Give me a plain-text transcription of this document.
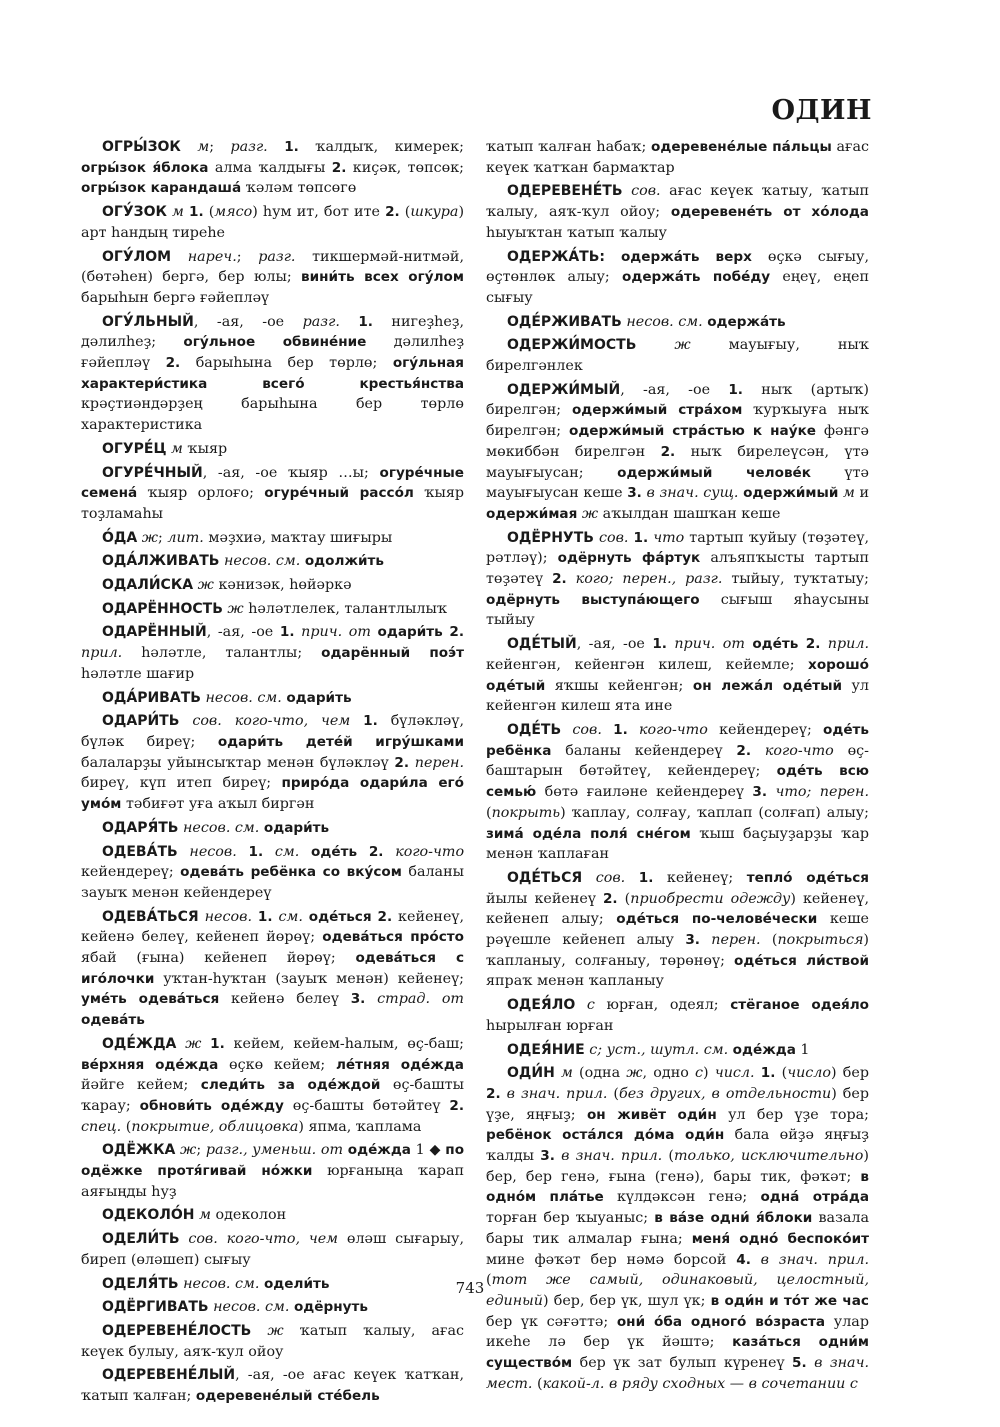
ОДИН

ОГРЫ́ЗОК м; разг. 1. ҡалдыҡ, кимерек; огры́зок я́блока алма ҡалдығы 2. киҫәк, төпсөк; огры́зок карандаша́ ҡәләм төпсөгө

ОГУ́ЗОК м 1. (мясо) һум ит, бот ите 2. (шкура) арт һандың тиреһе

ОГУ́ЛОМ нареч.; разг. тикшермәй-нитмәй, (бөтәһен) бергә, бер юлы; вини́ть всех огу́лом барыһын бергә ғәйепләү

ОГУ́ЛЬНЫЙ, -ая, -ое разг. 1. нигеҙһеҙ, дәлилһеҙ; огу́льное обвине́ние дәлилһеҙ ғәйепләү 2. барыһына бер төрлө; огу́льная характери́стика всего́ крестья́нства крәҫтиәндәрҙең барыһына бер төрлө характеристика

ОГУРЕ́Ц м ҡыяр

ОГУРЕ́ЧНЫЙ, -ая, -ое ҡыяр …ы; огуре́чные семена́ ҡыяр орлоғо; огуре́чный рассо́л ҡыяр тоҙламаһы

О́ДА ж; лит. мәҙхиә, маҡтау шиғыры

ОДА́ЛЖИВАТЬ несов. см. одолжи́ть

ОДАЛИ́СКА ж кәнизәк, һөйәркә

ОДАРЁННОСТЬ ж һәләтлелек, талантлылыҡ

ОДАРЁННЫЙ, -ая, -ое 1. прич. от одари́ть 2. прил. һәләтле, талантлы; одарённый поэ́т һәләтле шағир

ОДА́РИВАТЬ несов. см. одари́ть

ОДАРИ́ТЬ сов. кого-что, чем 1. бүләкләү, бүләк биреү; одари́ть дете́й игру́шками балаларҙы уйынсыҡтар менән бүләкләү 2. перен. биреү, күп итеп биреү; приро́да одари́ла его́ умо́м тәбиғәт уға аҡыл биргән

ОДАРЯ́ТЬ несов. см. одари́ть

ОДЕВА́ТЬ несов. 1. см. оде́ть 2. кого-что кейендереү; одева́ть ребёнка со вку́сом баланы зауыҡ менән кейендереү

ОДЕВА́ТЬСЯ несов. 1. см. оде́ться 2. кейенеү, кейенә белеү, кейенеп йөрөү; одева́ться про́сто ябай (ғына) кейенеп йөрөү; одева́ться с иго́лочки уҡтан-һуҡтан (зауыҡ менән) кейенеү; уме́ть одева́ться кейенә белеү 3. страд. от одева́ть

ОДЕ́ЖДА ж 1. кейем, кейем-һалым, өҫ-баш; ве́рхняя оде́жда өҫкө кейем; ле́тняя оде́жда йәйге кейем; следи́ть за оде́ждой өҫ-башты ҡарау; обнови́ть оде́жду өҫ-башты бөтәйтеү 2. спец. (покрытие, облицовка) япма, ҡаплама

ОДЁЖКА ж; разг., уменьш. от оде́жда 1 ◆ по одёжке протя́гивай но́жки юрғаныңа ҡарап аяғыңды һуҙ

ОДЕКОЛО́Н м одеколон

ОДЕЛИ́ТЬ сов. кого-что, чем өләш сығарыу, биреп (өләшеп) сығыу

ОДЕЛЯ́ТЬ несов. см. одели́ть

ОДЁРГИВАТЬ несов. см. одёрнуть

ОДЕРЕВЕНЕ́ЛОСТЬ ж ҡатып ҡалыу, ағас кеүек булыу, аяҡ-ҡул ойоу

ОДЕРЕВЕНЕ́ЛЫЙ, -ая, -ое ағас кеүек ҡатҡан, ҡатып ҡалған; одеревене́лый сте́бель

ҡатып ҡалған һабаҡ; одеревене́лые па́льцы ағас кеүек ҡатҡан бармаҡтар

ОДЕРЕВЕНЕ́ТЬ сов. ағас кеүек ҡатыу, ҡатып ҡалыу, аяҡ-ҡул ойоу; одеревене́ть от хо́лода һыуыҡтан ҡатып ҡалыу

ОДЕРЖА́ТЬ: одержа́ть верх өҫкә сығыу, өҫтөнлөк алыу; одержа́ть побе́ду еңеү, еңеп сығыу

ОДЕ́РЖИВАТЬ несов. см. одержа́ть

ОДЕРЖИ́МОСТЬ ж мауығыу, ныҡ бирелгәнлек

ОДЕРЖИ́МЫЙ, -ая, -ое 1. ныҡ (артыҡ) бирелгән; одержи́мый стра́хом ҡурҡыуға ныҡ бирелгән; одержи́мый стра́стью к нау́ке фәнгә мөкиббән бирелгән 2. ныҡ бирелеүсән, үтә мауығыусан; одержи́мый челове́к үтә мауығыусан кеше 3. в знач. сущ. одержи́мый м и одержи́мая ж аҡылдан шашҡан кеше

ОДЁРНУТЬ сов. 1. что тартып ҡуйыу (төҙәтеү, рәтләү); одёрнуть фа́ртук алъяпҡысты тартып төҙәтеү 2. кого; перен., разг. тыйыу, туҡтатыу; одёрнуть выступа́ющего сығыш яһаусыны тыйыу

ОДЕ́ТЫЙ, -ая, -ое 1. прич. от оде́ть 2. прил. кейенгән, кейенгән килеш, кейемле; хорошо́ оде́тый яҡшы кейенгән; он лежа́л оде́тый ул кейенгән килеш ята ине

ОДЕ́ТЬ сов. 1. кого-что кейендереү; оде́ть ребёнка баланы кейендереү 2. кого-что өҫ-баштарын бөтәйтеү, кейендереү; оде́ть всю семью́ бөтә ғаиләне кейендереү 3. что; перен. (покрыть) ҡаплау, солғау, ҡаплап (солғап) алыу; зима́ оде́ла поля́ сне́гом ҡыш баҫыуҙарҙы ҡар менән ҡаплаған

ОДЕ́ТЬСЯ сов. 1. кейенеү; тепло́ оде́ться йылы кейенеү 2. (приобрести одежду) кейенеү, кейенеп алыу; оде́ться по-челове́чески кеше рәүешле кейенеп алыу 3. перен. (покрыться) ҡапланыу, солғаныу, төрөнөү; оде́ться ли́ствой япраҡ менән ҡапланыу

ОДЕЯ́ЛО с юрған, одеял; стёганое одея́ло һырылған юрған

ОДЕЯ́НИЕ с; уст., шутл. см. оде́жда 1

ОДИ́Н м (одна ж, одно с) числ. 1. (число) бер 2. в знач. прил. (без других, в отдельности) бер үҙе, яңғыҙ; он живёт оди́н ул бер үҙе тора; ребёнок оста́лся до́ма оди́н бала өйҙә яңғыҙ ҡалды 3. в знач. прил. (только, исключительно) бер, бер генә, ғына (генә), бары тик, фәҡәт; в одно́м пла́тье күлдәксән генә; одна́ отра́да торған бер ҡыуаныс; в ва́зе одни́ я́блоки вазала бары тик алмалар ғына; меня́ одно́ беспоко́ит мине фәҡәт бер нәмә борсой 4. в знач. прил. (тот же самый, одинаковый, целостный, единый) бер, бер үк, шул үк; в оди́н и то́т же час бер үк сәғәттә; они́ о́ба одного́ во́зраста улар икеһе лә бер үк йәштә; каза́ться одни́м существо́м бер үк зат булып күренеү 5. в знач. мест. (какой-л. в ряду сходных — в сочетании с

743
